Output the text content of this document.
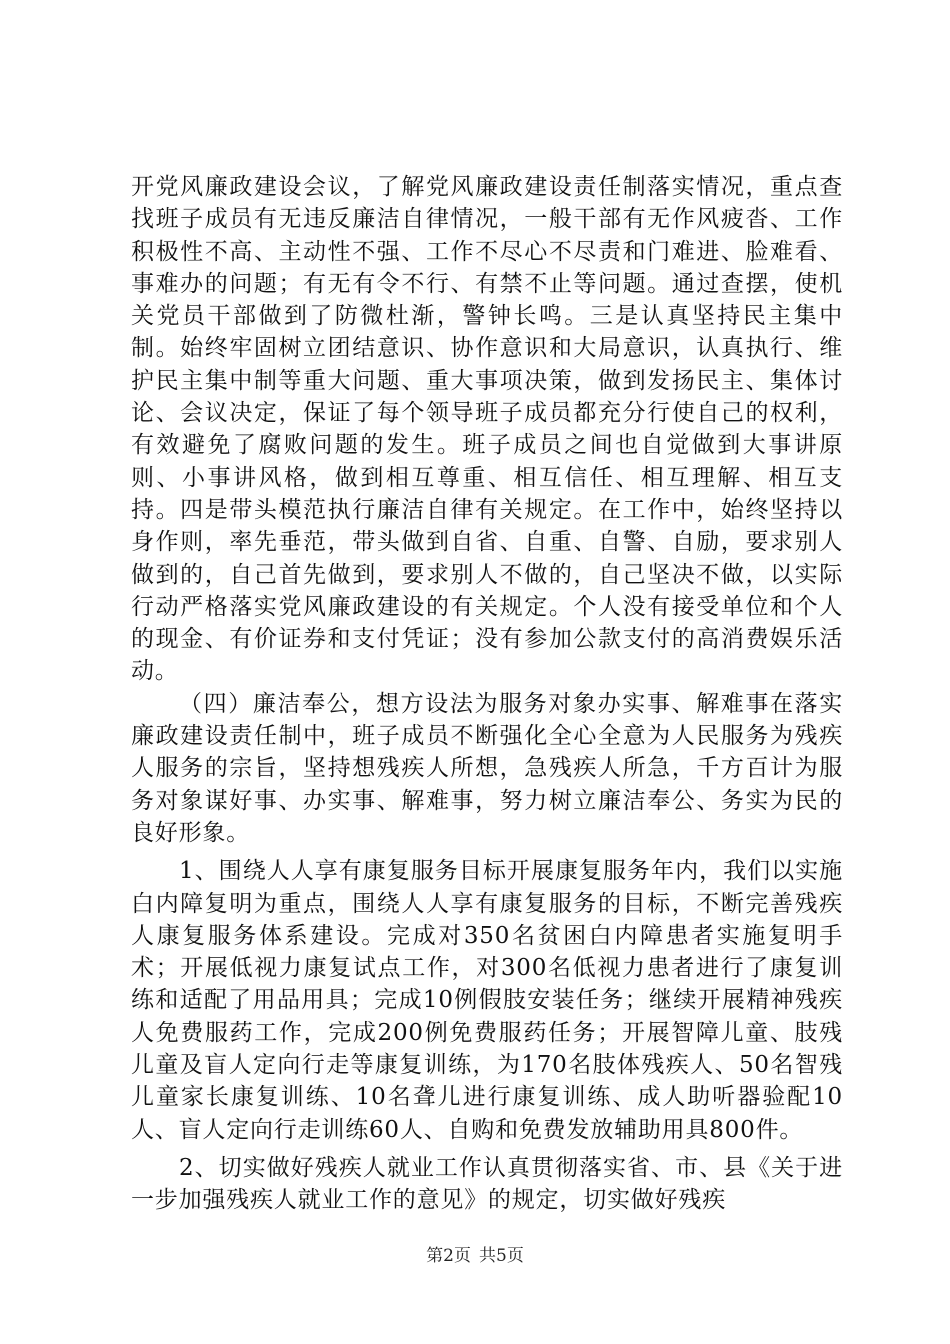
开党风廉政建设会议，了解党风廉政建设责任制落实情况，重点查找班子成员有无违反廉洁自律情况，一般干部有无作风疲沓、工作积极性不高、主动性不强、工作不尽心不尽责和门难进、脸难看、事难办的问题；有无有令不行、有禁不止等问题。通过查摆，使机关党员干部做到了防微杜渐，警钟长鸣。三是认真坚持民主集中制。始终牢固树立团结意识、协作意识和大局意识，认真执行、维护民主集中制等重大问题、重大事项决策，做到发扬民主、集体讨论、会议决定，保证了每个领导班子成员都充分行使自己的权利，有效避免了腐败问题的发生。班子成员之间也自觉做到大事讲原则、小事讲风格，做到相互尊重、相互信任、相互理解、相互支持。四是带头模范执行廉洁自律有关规定。在工作中，始终坚持以身作则，率先垂范，带头做到自省、自重、自警、自励，要求别人做到的，自己首先做到，要求别人不做的，自己坚决不做，以实际行动严格落实党风廉政建设的有关规定。个人没有接受单位和个人的现金、有价证券和支付凭证；没有参加公款支付的高消费娱乐活动。

（四）廉洁奉公，想方设法为服务对象办实事、解难事在落实廉政建设责任制中，班子成员不断强化全心全意为人民服务为残疾人服务的宗旨，坚持想残疾人所想，急残疾人所急，千方百计为服务对象谋好事、办实事、解难事，努力树立廉洁奉公、务实为民的良好形象。

1、围绕人人享有康复服务目标开展康复服务年内，我们以实施白内障复明为重点，围绕人人享有康复服务的目标，不断完善残疾人康复服务体系建设。完成对350名贫困白内障患者实施复明手术；开展低视力康复试点工作，对300名低视力患者进行了康复训练和适配了用品用具；完成10例假肢安装任务；继续开展精神残疾人免费服药工作，完成200例免费服药任务；开展智障儿童、肢残儿童及盲人定向行走等康复训练，为170名肢体残疾人、50名智残儿童家长康复训练、10名聋儿进行康复训练、成人助听器验配10人、盲人定向行走训练60人、自购和免费发放辅助用具800件。

2、切实做好残疾人就业工作认真贯彻落实省、市、县《关于进一步加强残疾人就业工作的意见》的规定，切实做好残疾

第2页 共5页
